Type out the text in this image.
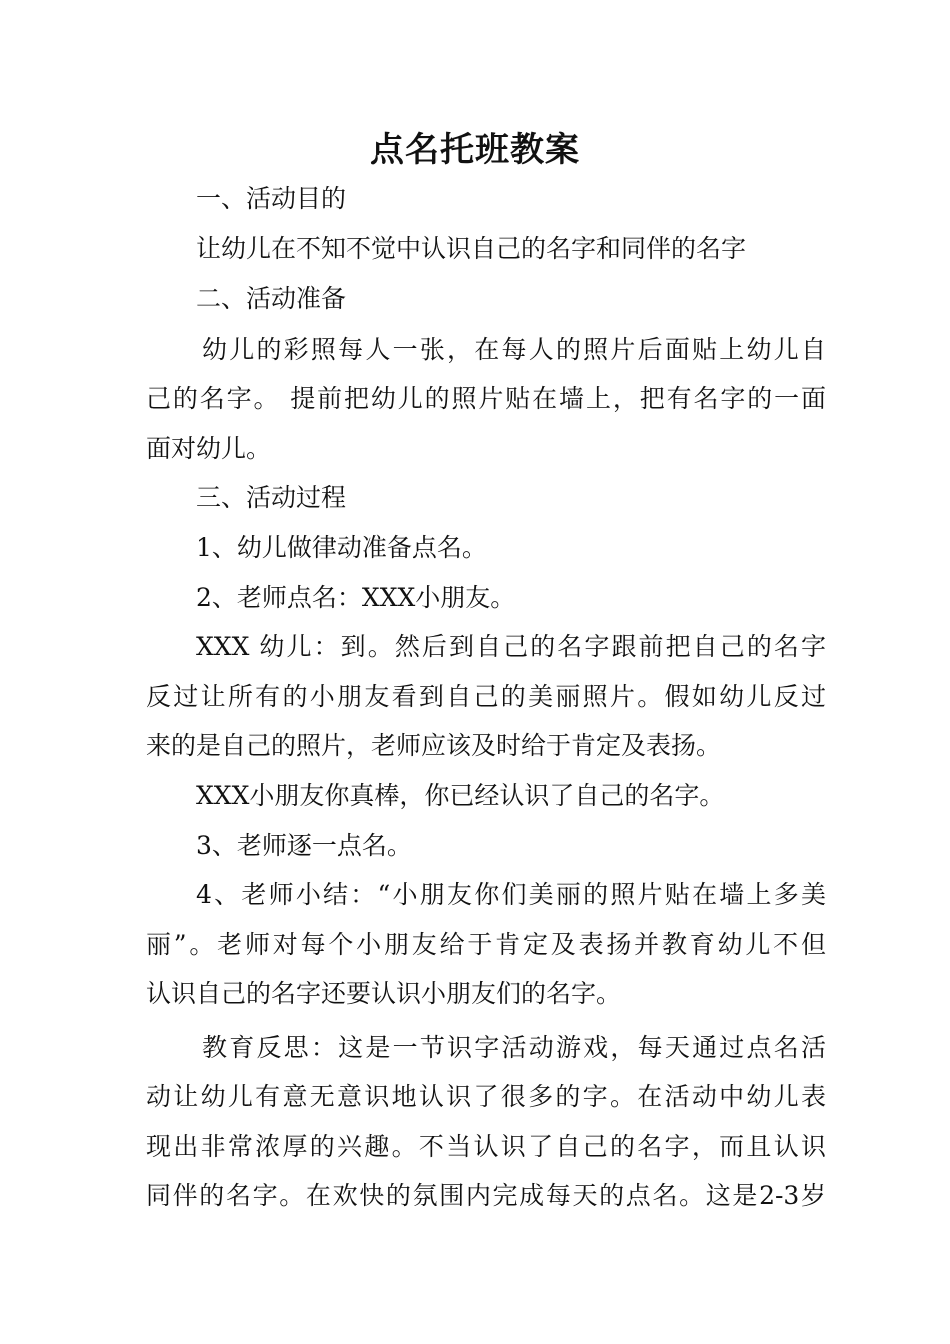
点名托班教案
一、活动目的
让幼儿在不知不觉中认识自己的名字和同伴的名字
二、活动准备
幼儿的彩照每人一张，在每人的照片后面贴上幼儿自
己的名字。 提前把幼儿的照片贴在墙上，把有名字的一面
面对幼儿。
三、活动过程
1、幼儿做律动准备点名。
2、老师点名：XXX小朋友。
XXX 幼儿：到。然后到自己的名字跟前把自己的名字
反过让所有的小朋友看到自己的美丽照片。假如幼儿反过
来的是自己的照片，老师应该及时给于肯定及表扬。
XXX小朋友你真棒，你已经认识了自己的名字。
3、老师逐一点名。
4、老师小结：“小朋友你们美丽的照片贴在墙上多美
丽”。老师对每个小朋友给于肯定及表扬并教育幼儿不但
认识自己的名字还要认识小朋友们的名字。
教育反思：这是一节识字活动游戏，每天通过点名活
动让幼儿有意无意识地认识了很多的字。在活动中幼儿表
现出非常浓厚的兴趣。不当认识了自己的名字，而且认识
同伴的名字。在欢快的氛围内完成每天的点名。这是2-3岁
